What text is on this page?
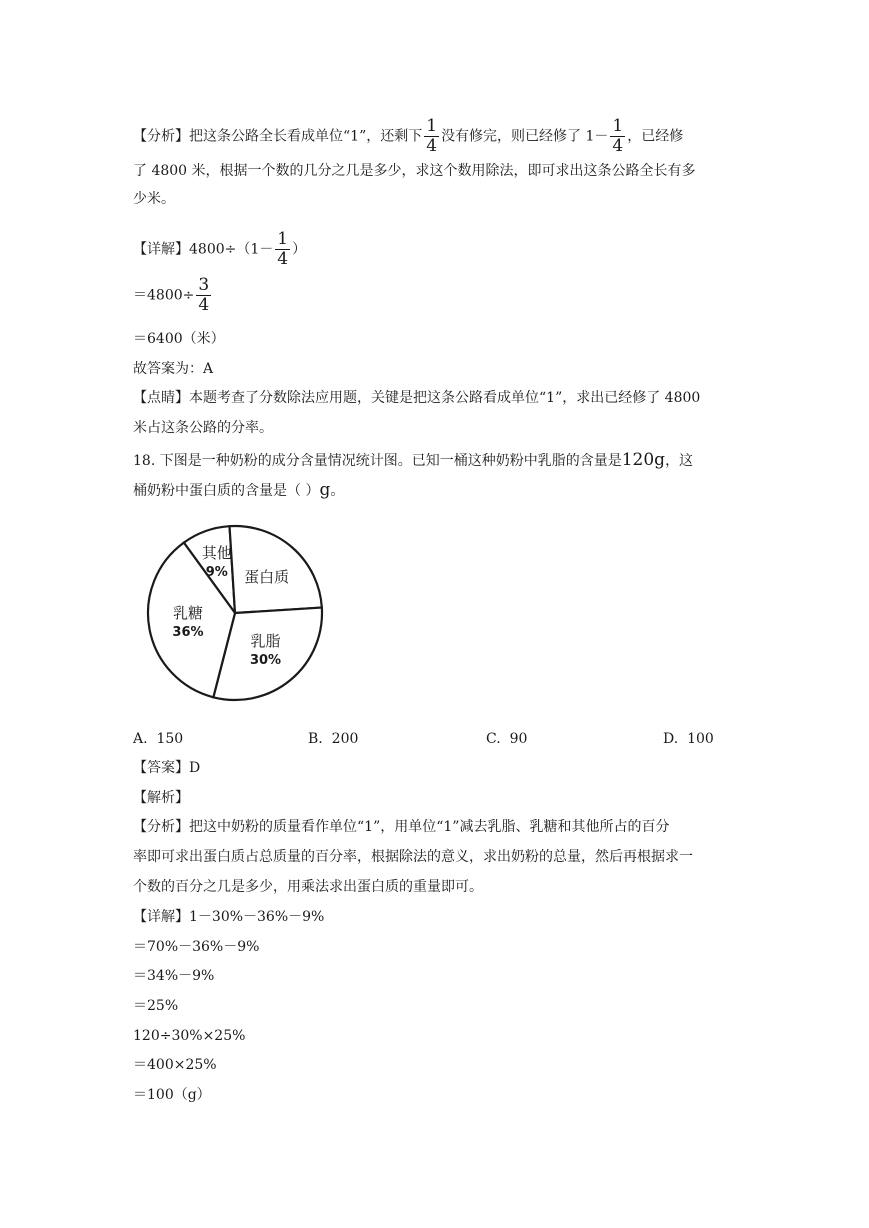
【分析】把这条公路全长看成单位“1”，还剩下 $\frac{1}{4}$ 没有修完，则已经修了 $1- \frac{1}{4}$ ，已经修
了 4800 米，根据一个数的几分之几是多少，求这个数用除法，即可求出这条公路全长有多
少米。
【详解】$4800\div(1- \frac{1}{4}$ ）
$=4800\div \frac{3}{4}$
＝6400（米）
故答案为：A
【点睛】本题考查了分数除法应用题，关键是把这条公路看成单位“1”，求出已经修了 4800
米占这条公路的分率。
18. 下图是一种奶粉的成分含量情况统计图。已知一桶这种奶粉中乳脂的含量是120g，这
桶奶粉中蛋白质的含量是（ ）g。
其他
9% 蛋白质
乳脂
30%
乳糖
36%
A. 150	B. 200	C. 90	D. 100
【答案】D
【解析】
【分析】把这中奶粉的质量看作单位“1”，用单位“1”减去乳脂、乳糖和其他所占的百分
率即可求出蛋白质占总质量的百分率，根据除法的意义，求出奶粉的总量，然后再根据求一
个数的百分之几是多少，用乘法求出蛋白质的重量即可。
【详解】1－30%－36%－9%
＝70%－36%－9%
＝34%－9%
＝25%
120÷30%×25%
＝400×25%
＝100（g）
